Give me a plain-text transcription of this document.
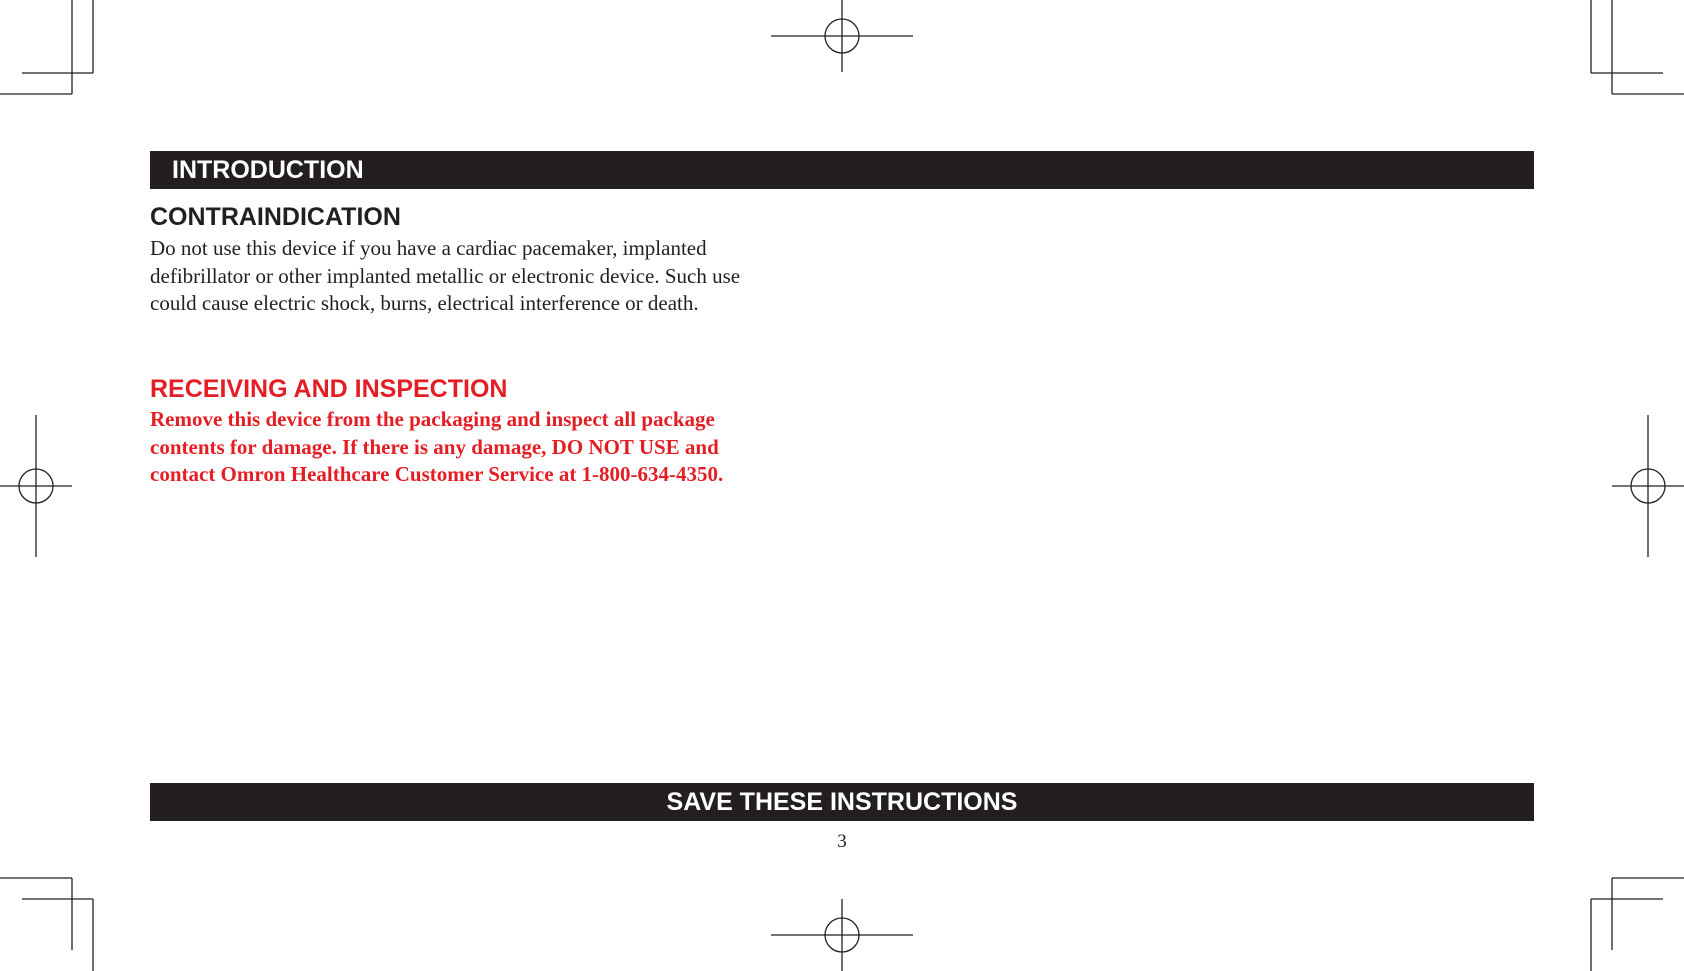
INTRODUCTION
CONTRAINDICATION

Do not use this device if you have a cardiac pacemaker, implanted
defibrillator or other implanted metallic or electronic device. Such use
could cause electric shock, burns, electrical interference or death.

RECEIVING AND INSPECTION

Remove this device from the packaging and inspect all package
contents for damage. If there is any damage, DO NOT USE and
contact Omron Healthcare Customer Service at 1-800-634-4350.

SAVE THESE INSTRUCTIONS
3
